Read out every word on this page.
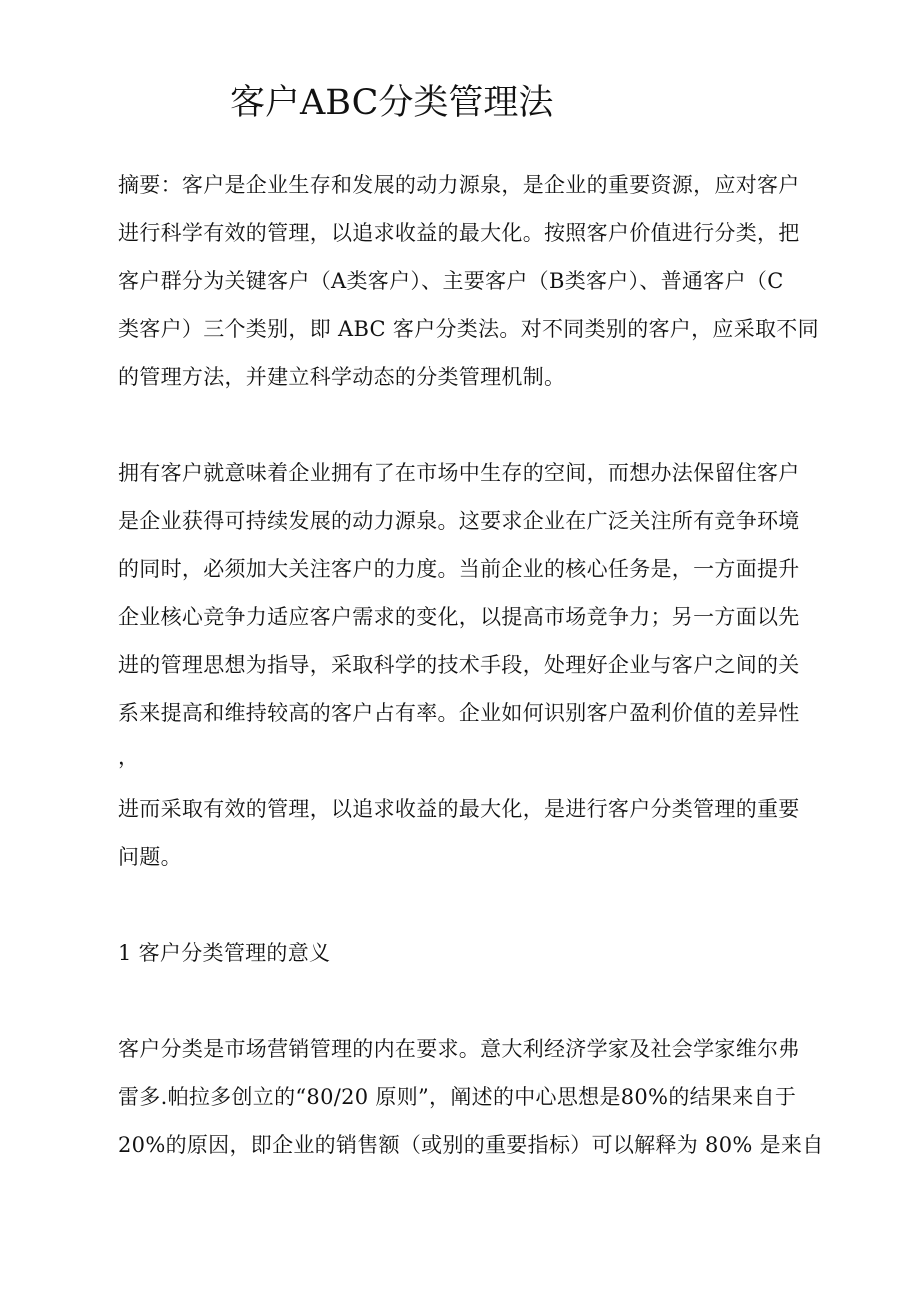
客户ABC分类管理法

摘要：客户是企业生存和发展的动力源泉，是企业的重要资源，应对客户

进行科学有效的管理，以追求收益的最大化。按照客户价值进行分类，把

客户群分为关键客户（A类客户）、主要客户（B类客户）、普通客户（C

类客户）三个类别，即 ABC 客户分类法。对不同类别的客户，应采取不同

的管理方法，并建立科学动态的分类管理机制。

拥有客户就意味着企业拥有了在市场中生存的空间，而想办法保留住客户

是企业获得可持续发展的动力源泉。这要求企业在广泛关注所有竞争环境

的同时，必须加大关注客户的力度。当前企业的核心任务是，一方面提升

企业核心竞争力适应客户需求的变化，以提高市场竞争力；另一方面以先

进的管理思想为指导，采取科学的技术手段，处理好企业与客户之间的关

系来提高和维持较高的客户占有率。企业如何识别客户盈利价值的差异性

，

进而采取有效的管理，以追求收益的最大化，是进行客户分类管理的重要

问题。

1 客户分类管理的意义

客户分类是市场营销管理的内在要求。意大利经济学家及社会学家维尔弗

雷多.帕拉多创立的“80/20 原则”，阐述的中心思想是80%的结果来自于

20%的原因，即企业的销售额（或别的重要指标）可以解释为 80% 是来自
